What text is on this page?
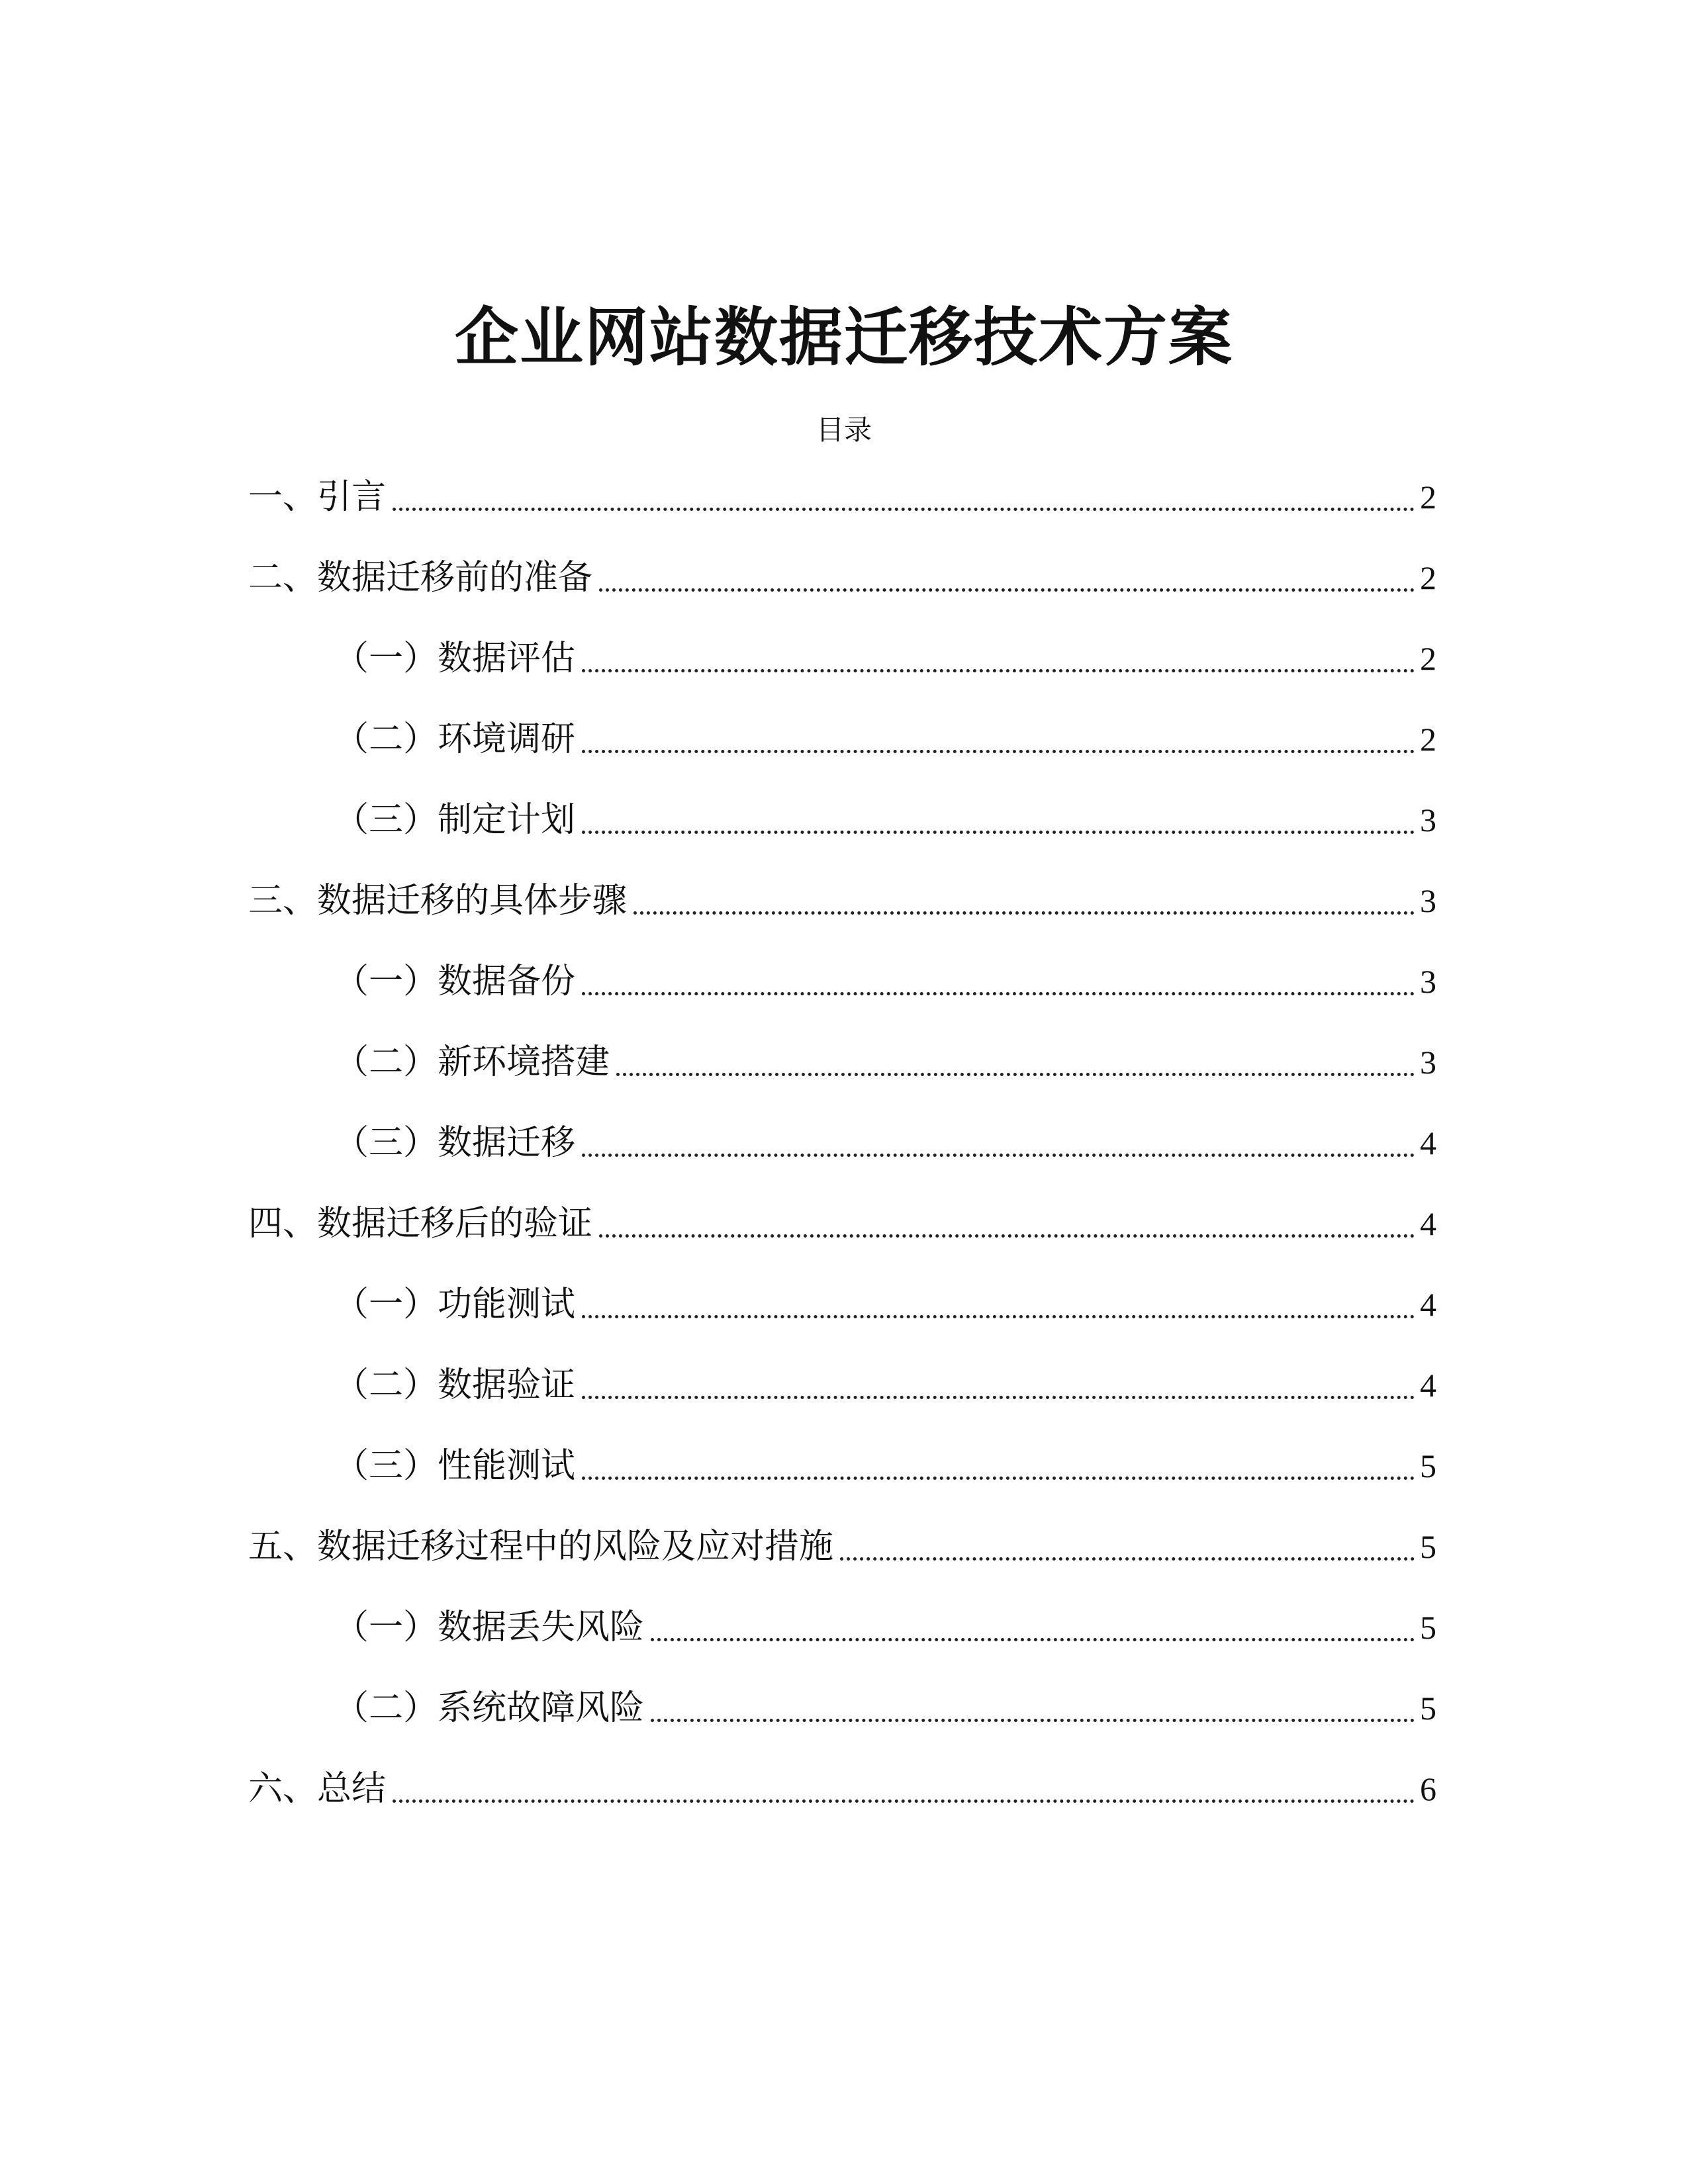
企业网站数据迁移技术方案
目录
一、引言	2
二、数据迁移前的准备	2
（一）数据评估	2
（二）环境调研	2
（三）制定计划	3
三、数据迁移的具体步骤	3
（一）数据备份	3
（二）新环境搭建	3
（三）数据迁移	4
四、数据迁移后的验证	4
（一）功能测试	4
（二）数据验证	4
（三）性能测试	5
五、数据迁移过程中的风险及应对措施	5
（一）数据丢失风险	5
（二）系统故障风险	5
六、总结	6
